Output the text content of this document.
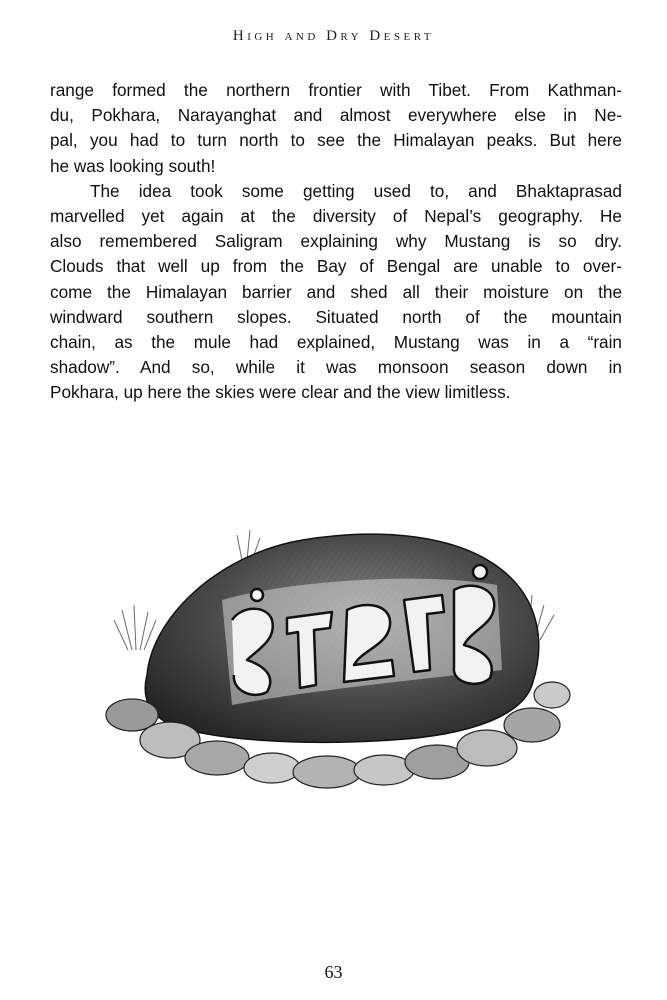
High and Dry Desert
range formed the northern frontier with Tibet. From Kathman-
du, Pokhara, Narayanghat and almost everywhere else in Ne-
pal, you had to turn north to see the Himalayan peaks. But here
he was looking south!
The idea took some getting used to, and Bhaktaprasad
marvelled yet again at the diversity of Nepal’s geography. He
also remembered Saligram explaining why Mustang is so dry.
Clouds that well up from the Bay of Bengal are unable to over-
come the Himalayan barrier and shed all their moisture on the
windward southern slopes. Situated north of the mountain
chain, as the mule had explained, Mustang was in a “rain
shadow”. And so, while it was monsoon season down in
Pokhara, up here the skies were clear and the view limitless.
63
